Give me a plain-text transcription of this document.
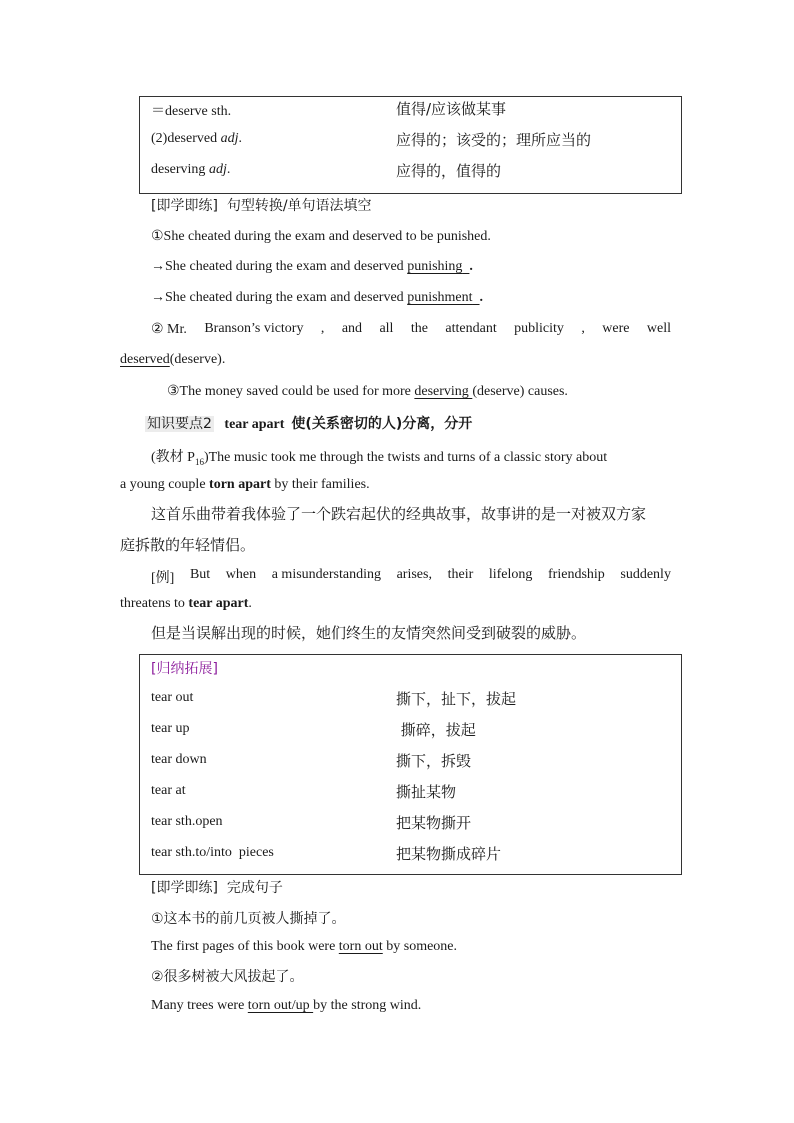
＝deserve sth.	值得/应该做某事
(2)deserved adj.	应得的；该受的；理所应当的
deserving adj.	应得的，值得的
[即学即练] 句型转换/单句语法填空
①She cheated during the exam and deserved to be punished.
→She cheated during the exam and deserved punishing .
→She cheated during the exam and deserved punishment .
② Mr. Branson’s victory , and all the attendant publicity , were well
deserved(deserve).
③The money saved could be used for more deserving (deserve) causes.
知识要点2 tear apart 使(关系密切的人)分离，分开
(教材 $P_{16})The$ music took me through the twists and turns of a classic story about
a young couple torn apart by their families.
这首乐曲带着我体验了一个跌宕起伏的经典故事，故事讲的是一对被双方家
庭拆散的年轻情侣。
[例] But when a misunderstanding arises, their lifelong friendship suddenly
threatens to tear apart.
但是当误解出现的时候，她们终生的友情突然间受到破裂的威胁。
[归纳拓展]
tear out	撕下，扯下，拔起
tear up	撕碎，拔起
tear down	撕下，拆毁
tear at	撕扯某物
tear sth.open	把某物撕开
tear sth.to/into  pieces	把某物撕成碎片
[即学即练] 完成句子
①这本书的前几页被人撕掉了。
The first pages of this book were torn out by someone.
②很多树被大风拔起了。
Many trees were torn out/up by the strong wind.
